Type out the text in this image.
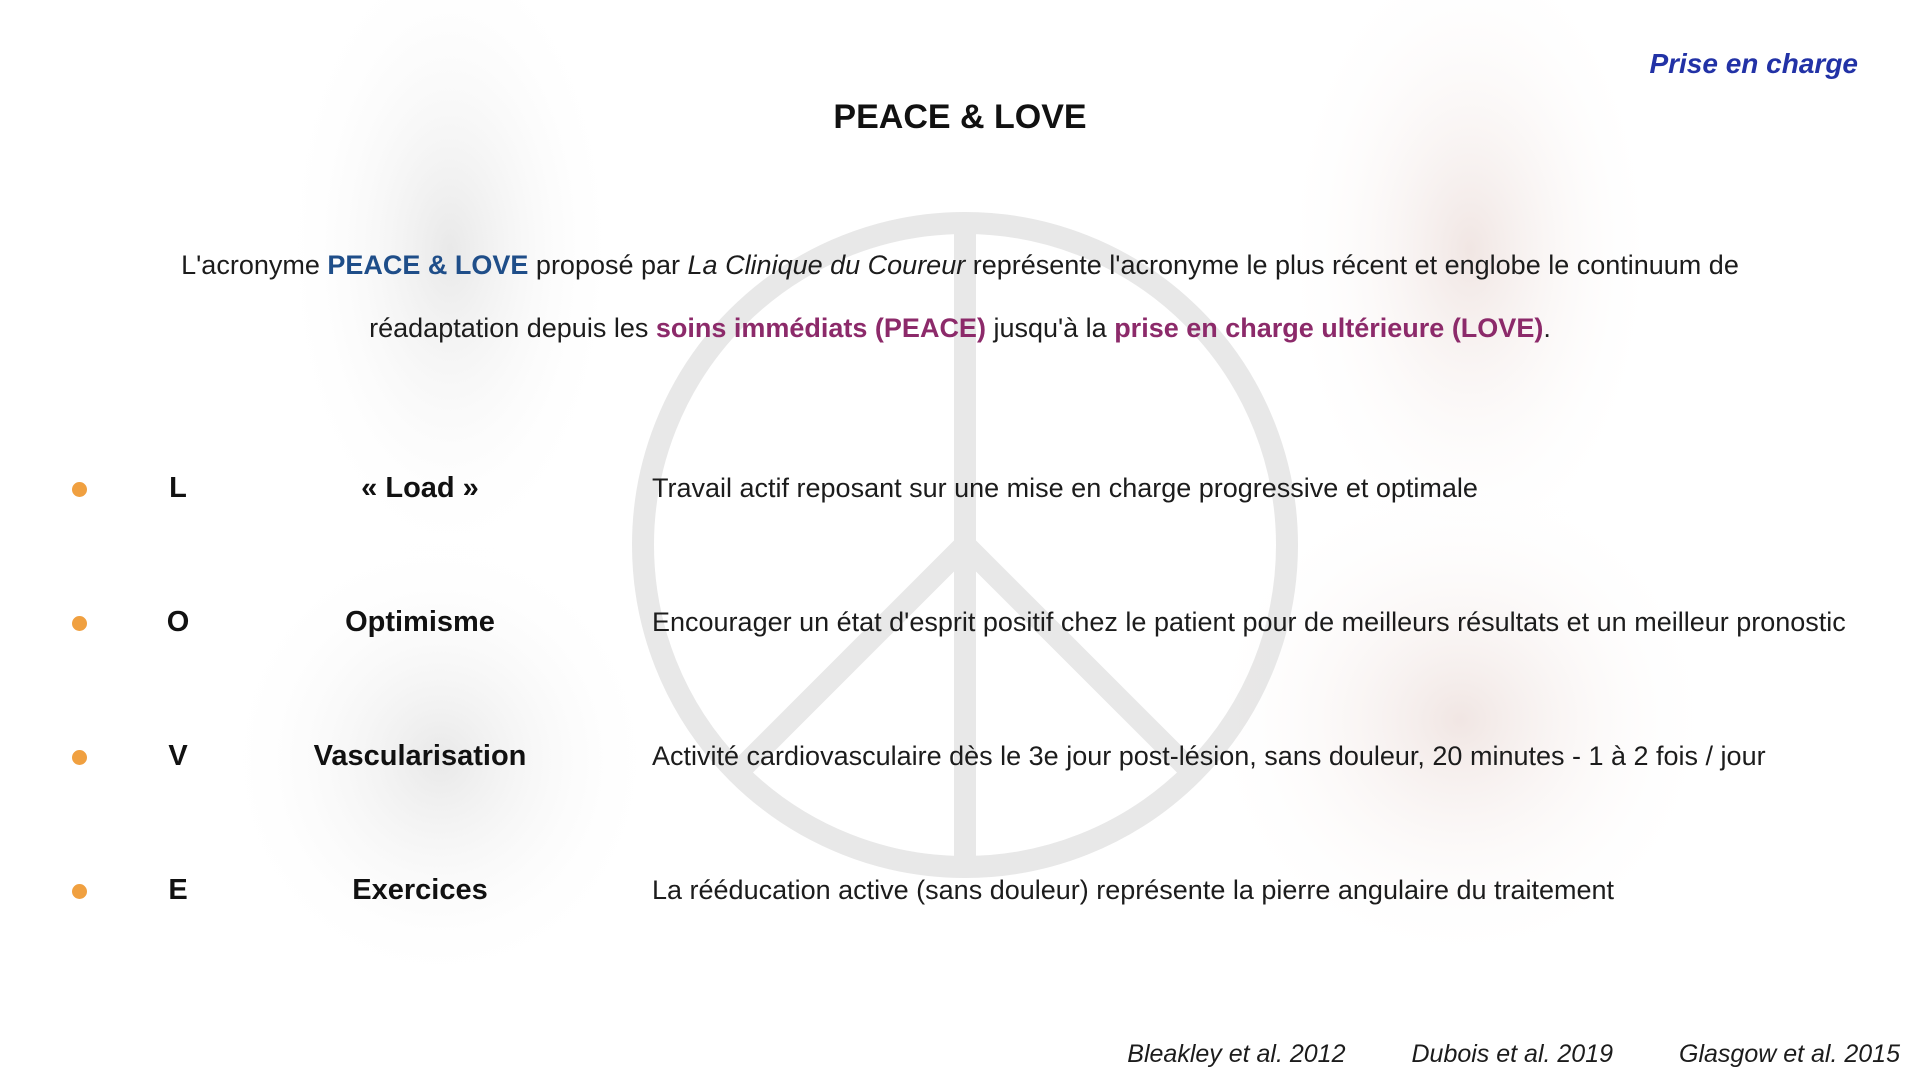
Prise en charge
PEACE & LOVE
L'acronyme PEACE & LOVE proposé par La Clinique du Coureur représente l'acronyme le plus récent et englobe le continuum de réadaptation depuis les soins immédiats (PEACE) jusqu'à la prise en charge ultérieure (LOVE).
L	« Load »	Travail actif reposant sur une mise en charge progressive et optimale
O	Optimisme	Encourager un état d'esprit positif chez le patient pour de meilleurs résultats et un meilleur pronostic
V	Vascularisation	Activité cardiovasculaire dès le 3e jour post-lésion, sans douleur, 20 minutes - 1 à 2 fois / jour
E	Exercices	La rééducation active (sans douleur) représente la pierre angulaire du traitement
Bleakley et al. 2012	Dubois et al. 2019	Glasgow et al. 2015
